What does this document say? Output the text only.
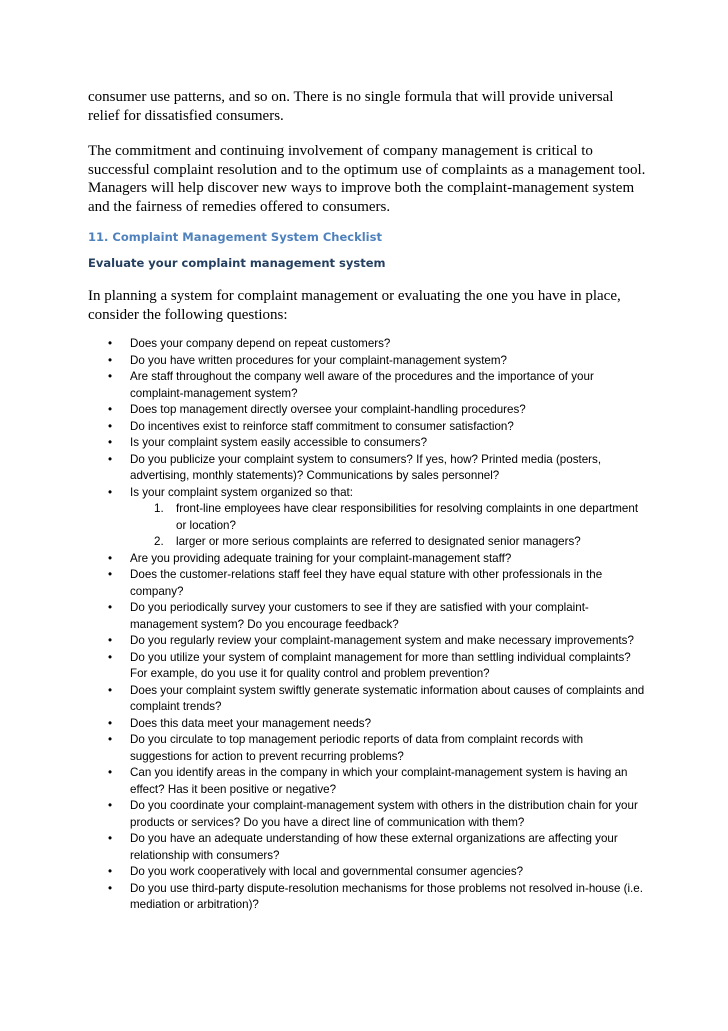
consumer use patterns, and so on. There is no single formula that will provide universal relief for dissatisfied consumers.

The commitment and continuing involvement of company management is critical to successful complaint resolution and to the optimum use of complaints as a management tool. Managers will help discover new ways to improve both the complaint-management system and the fairness of remedies offered to consumers.

11. Complaint Management System Checklist
Evaluate your complaint management system

In planning a system for complaint management or evaluating the one you have in place, consider the following questions:

• Does your company depend on repeat customers?
• Do you have written procedures for your complaint-management system?
• Are staff throughout the company well aware of the procedures and the importance of your complaint-management system?
• Does top management directly oversee your complaint-handling procedures?
• Do incentives exist to reinforce staff commitment to consumer satisfaction?
• Is your complaint system easily accessible to consumers?
• Do you publicize your complaint system to consumers? If yes, how? Printed media (posters, advertising, monthly statements)? Communications by sales personnel?
• Is your complaint system organized so that:
1. front-line employees have clear responsibilities for resolving complaints in one department or location?
2. larger or more serious complaints are referred to designated senior managers?
• Are you providing adequate training for your complaint-management staff?
• Does the customer-relations staff feel they have equal stature with other professionals in the company?
• Do you periodically survey your customers to see if they are satisfied with your complaint-management system? Do you encourage feedback?
• Do you regularly review your complaint-management system and make necessary improvements?
• Do you utilize your system of complaint management for more than settling individual complaints? For example, do you use it for quality control and problem prevention?
• Does your complaint system swiftly generate systematic information about causes of complaints and complaint trends?
• Does this data meet your management needs?
• Do you circulate to top management periodic reports of data from complaint records with suggestions for action to prevent recurring problems?
• Can you identify areas in the company in which your complaint-management system is having an effect? Has it been positive or negative?
• Do you coordinate your complaint-management system with others in the distribution chain for your products or services? Do you have a direct line of communication with them?
• Do you have an adequate understanding of how these external organizations are affecting your relationship with consumers?
• Do you work cooperatively with local and governmental consumer agencies?
• Do you use third-party dispute-resolution mechanisms for those problems not resolved in-house (i.e. mediation or arbitration)?
